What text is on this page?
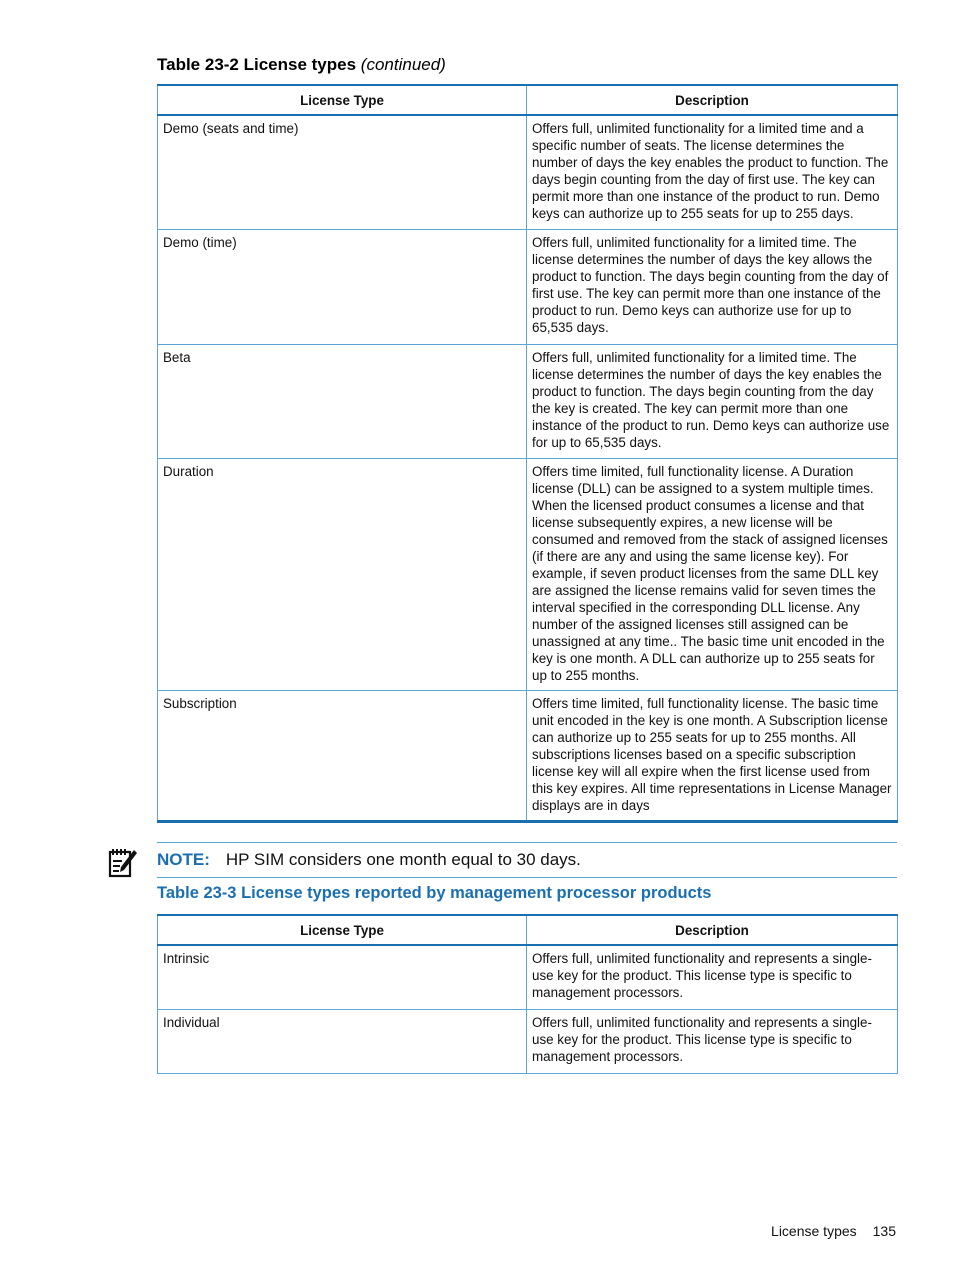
Table 23-2 License types (continued)
License Type	Description
Demo (seats and time)	Offers full, unlimited functionality for a limited time and a specific number of seats. The license determines the number of days the key enables the product to function. The days begin counting from the day of first use. The key can permit more than one instance of the product to run. Demo keys can authorize up to 255 seats for up to 255 days.
Demo (time)	Offers full, unlimited functionality for a limited time. The license determines the number of days the key allows the product to function. The days begin counting from the day of first use. The key can permit more than one instance of the product to run. Demo keys can authorize use for up to 65,535 days.
Beta	Offers full, unlimited functionality for a limited time. The license determines the number of days the key enables the product to function. The days begin counting from the day the key is created. The key can permit more than one instance of the product to run. Demo keys can authorize use for up to 65,535 days.
Duration	Offers time limited, full functionality license. A Duration license (DLL) can be assigned to a system multiple times. When the licensed product consumes a license and that license subsequently expires, a new license will be consumed and removed from the stack of assigned licenses (if there are any and using the same license key). For example, if seven product licenses from the same DLL key are assigned the license remains valid for seven times the interval specified in the corresponding DLL license. Any number of the assigned licenses still assigned can be unassigned at any time.. The basic time unit encoded in the key is one month. A DLL can authorize up to 255 seats for up to 255 months.
Subscription	Offers time limited, full functionality license. The basic time unit encoded in the key is one month. A Subscription license can authorize up to 255 seats for up to 255 months. All subscriptions licenses based on a specific subscription license key will all expire when the first license used from this key expires. All time representations in License Manager displays are in days
NOTE: HP SIM considers one month equal to 30 days.
Table 23-3 License types reported by management processor products
License Type	Description
Intrinsic	Offers full, unlimited functionality and represents a single-use key for the product. This license type is specific to management processors.
Individual	Offers full, unlimited functionality and represents a single-use key for the product. This license type is specific to management processors.
License types 135
